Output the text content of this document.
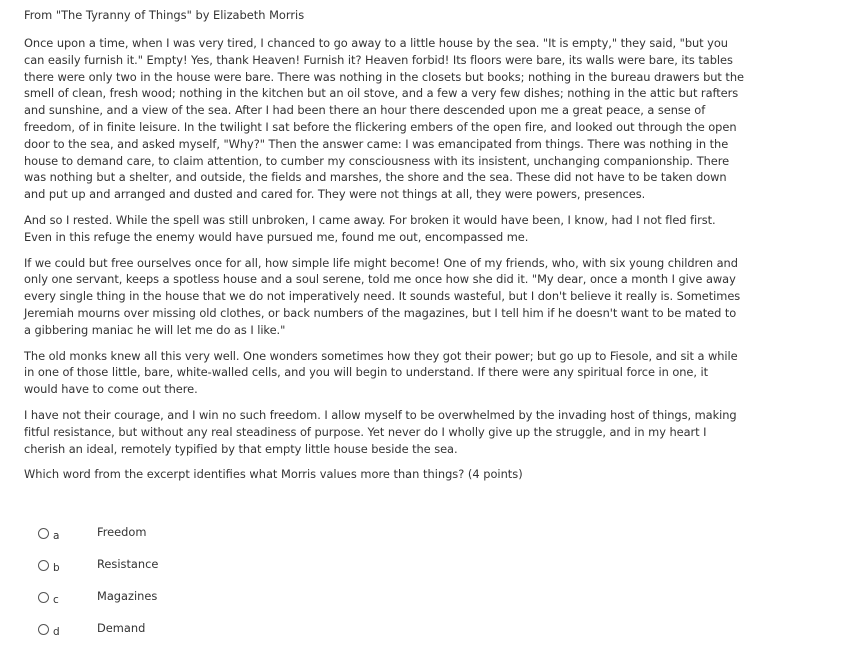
From "The Tyranny of Things" by Elizabeth Morris

Once upon a time, when I was very tired, I chanced to go away to a little house by the sea. "It is empty," they said, "but you can easily furnish it." Empty! Yes, thank Heaven! Furnish it? Heaven forbid! Its floors were bare, its walls were bare, its tables there were only two in the house were bare. There was nothing in the closets but books; nothing in the bureau drawers but the smell of clean, fresh wood; nothing in the kitchen but an oil stove, and a few a very few dishes; nothing in the attic but rafters and sunshine, and a view of the sea. After I had been there an hour there descended upon me a great peace, a sense of freedom, of in finite leisure. In the twilight I sat before the flickering embers of the open fire, and looked out through the open door to the sea, and asked myself, "Why?" Then the answer came: I was emancipated from things. There was nothing in the house to demand care, to claim attention, to cumber my consciousness with its insistent, unchanging companionship. There was nothing but a shelter, and outside, the fields and marshes, the shore and the sea. These did not have to be taken down and put up and arranged and dusted and cared for. They were not things at all, they were powers, presences.

And so I rested. While the spell was still unbroken, I came away. For broken it would have been, I know, had I not fled first. Even in this refuge the enemy would have pursued me, found me out, encompassed me.

If we could but free ourselves once for all, how simple life might become! One of my friends, who, with six young children and only one servant, keeps a spotless house and a soul serene, told me once how she did it. "My dear, once a month I give away every single thing in the house that we do not imperatively need. It sounds wasteful, but I don't believe it really is. Sometimes Jeremiah mourns over missing old clothes, or back numbers of the magazines, but I tell him if he doesn't want to be mated to a gibbering maniac he will let me do as I like."

The old monks knew all this very well. One wonders sometimes how they got their power; but go up to Fiesole, and sit a while in one of those little, bare, white-walled cells, and you will begin to understand. If there were any spiritual force in one, it would have to come out there.

I have not their courage, and I win no such freedom. I allow myself to be overwhelmed by the invading host of things, making fitful resistance, but without any real steadiness of purpose. Yet never do I wholly give up the struggle, and in my heart I cherish an ideal, remotely typified by that empty little house beside the sea.

Which word from the excerpt identifies what Morris values more than things? (4 points)

a	Freedom
b	Resistance
c	Magazines
d	Demand
